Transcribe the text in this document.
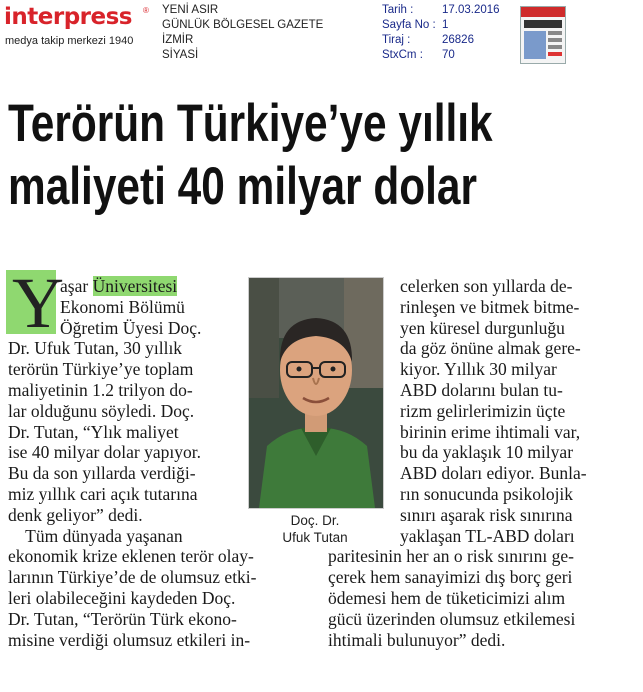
interpress ®
medya takip merkezi 1940
YENİ ASIR
GÜNLÜK BÖLGESEL GAZETE
İZMİR
SİYASİ
Tarih :	17.03.2016
Sayfa No : 1
Tiraj :	26826
StxCm :	70
Terörün Türkiye’ye yıllık
maliyeti 40 milyar dolar
Y
aşar Üniversitesi
Ekonomi Bölümü
Öğretim Üyesi Doç.
Dr. Ufuk Tutan, 30 yıllık
terörün Türkiye’ye toplam
maliyetinin 1.2 trilyon do-
lar olduğunu söyledi. Doç.
Dr. Tutan, “Ylık maliyet
ise 40 milyar dolar yapıyor.
Bu da son yıllarda verdiği-
miz yıllık cari açık tutarına
denk geliyor” dedi.
Tüm dünyada yaşanan
ekonomik krize eklenen terör olay-
larının Türkiye’de de olumsuz etki-
leri olabileceğini kaydeden Doç.
Dr. Tutan, “Terörün Türk ekono-
misine verdiği olumsuz etkileri in-
Doç. Dr.
Ufuk Tutan
celerken son yıllarda de-
rinleşen ve bitmek bitme-
yen küresel durgunluğu
da göz önüne almak gere-
kiyor. Yıllık 30 milyar
ABD dolarını bulan tu-
rizm gelirlerimizin üçte
birinin erime ihtimali var,
bu da yaklaşık 10 milyar
ABD doları ediyor. Bunla-
rın sonucunda psikolojik
sınırı aşarak risk sınırına
yaklaşan TL-ABD doları
paritesinin her an o risk sınırını ge-
çerek hem sanayimizi dış borç geri
ödemesi hem de tüketicimizi alım
gücü üzerinden olumsuz etkilemesi
ihtimali bulunuyor” dedi.
